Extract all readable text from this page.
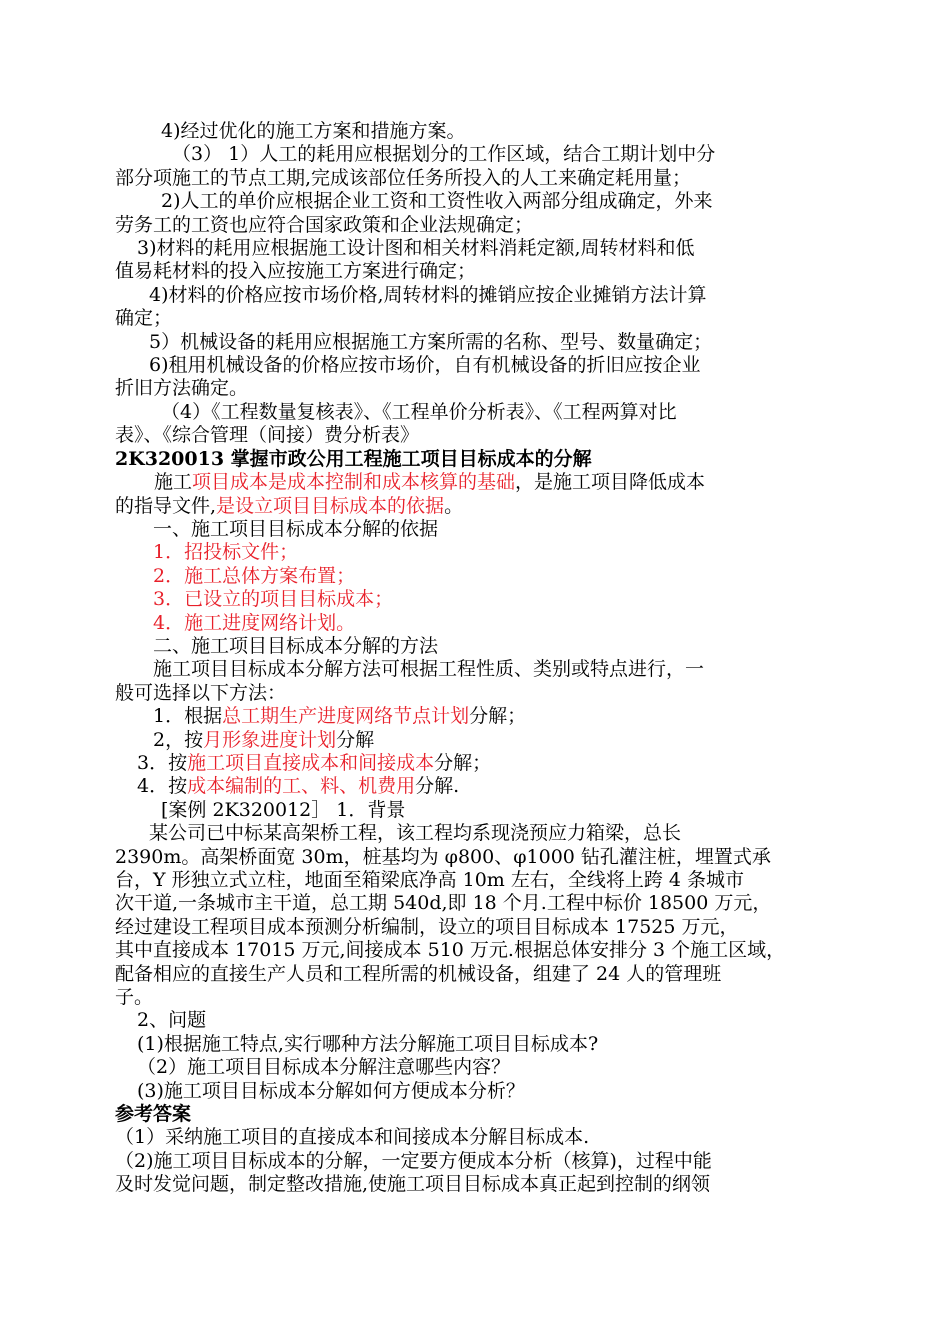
4)经过优化的施工方案和措施方案。
（3） 1）人工的耗用应根据划分的工作区域，结合工期计划中分
部分项施工的节点工期,完成该部位任务所投入的人工来确定耗用量；
2)人工的单价应根据企业工资和工资性收入两部分组成确定，外来
劳务工的工资也应符合国家政策和企业法规确定；
3)材料的耗用应根据施工设计图和相关材料消耗定额,周转材料和低
值易耗材料的投入应按施工方案进行确定；
4)材料的价格应按市场价格,周转材料的摊销应按企业摊销方法计算
确定；
5）机械设备的耗用应根据施工方案所需的名称、型号、数量确定；
6)租用机械设备的价格应按市场价，自有机械设备的折旧应按企业
折旧方法确定。
（4）《工程数量复核表》、《工程单价分析表》、《工程两算对比
表》、《综合管理（间接）费分析表》
2K320013 掌握市政公用工程施工项目目标成本的分解
施工项目成本是成本控制和成本核算的基础，是施工项目降低成本
的指导文件,是设立项目目标成本的依据。
一、施工项目目标成本分解的依据
1．招投标文件；
2．施工总体方案布置；
3．已设立的项目目标成本；
4．施工进度网络计划。
二、施工项目目标成本分解的方法
施工项目目标成本分解方法可根据工程性质、类别或特点进行，一
般可选择以下方法：
1．根据总工期生产进度网络节点计划分解；
2，按月形象进度计划分解
3．按施工项目直接成本和间接成本分解；
4．按成本编制的工、料、机费用分解.
[案例 2K320012］ 1．背景
某公司已中标某高架桥工程，该工程均系现浇预应力箱梁，总长
2390m。高架桥面宽 30m，桩基均为 φ800、φ1000 钻孔灌注桩，埋置式承
台，Y 形独立式立柱，地面至箱梁底净高 10m 左右，全线将上跨 4 条城市
次干道,一条城市主干道，总工期 540d,即 18 个月.工程中标价 18500 万元，
经过建设工程项目成本预测分析编制，设立的项目目标成本 17525 万元，
其中直接成本 17015 万元,间接成本 510 万元.根据总体安排分 3 个施工区域，
配备相应的直接生产人员和工程所需的机械设备，组建了 24 人的管理班
子。
2、问题
(1)根据施工特点,实行哪种方法分解施工项目目标成本?
（2）施工项目目标成本分解注意哪些内容？
(3)施工项目目标成本分解如何方便成本分析？
参考答案
（1）采纳施工项目的直接成本和间接成本分解目标成本.
（2)施工项目目标成本的分解，一定要方便成本分析（核算)，过程中能
及时发觉问题，制定整改措施,使施工项目目标成本真正起到控制的纲领
